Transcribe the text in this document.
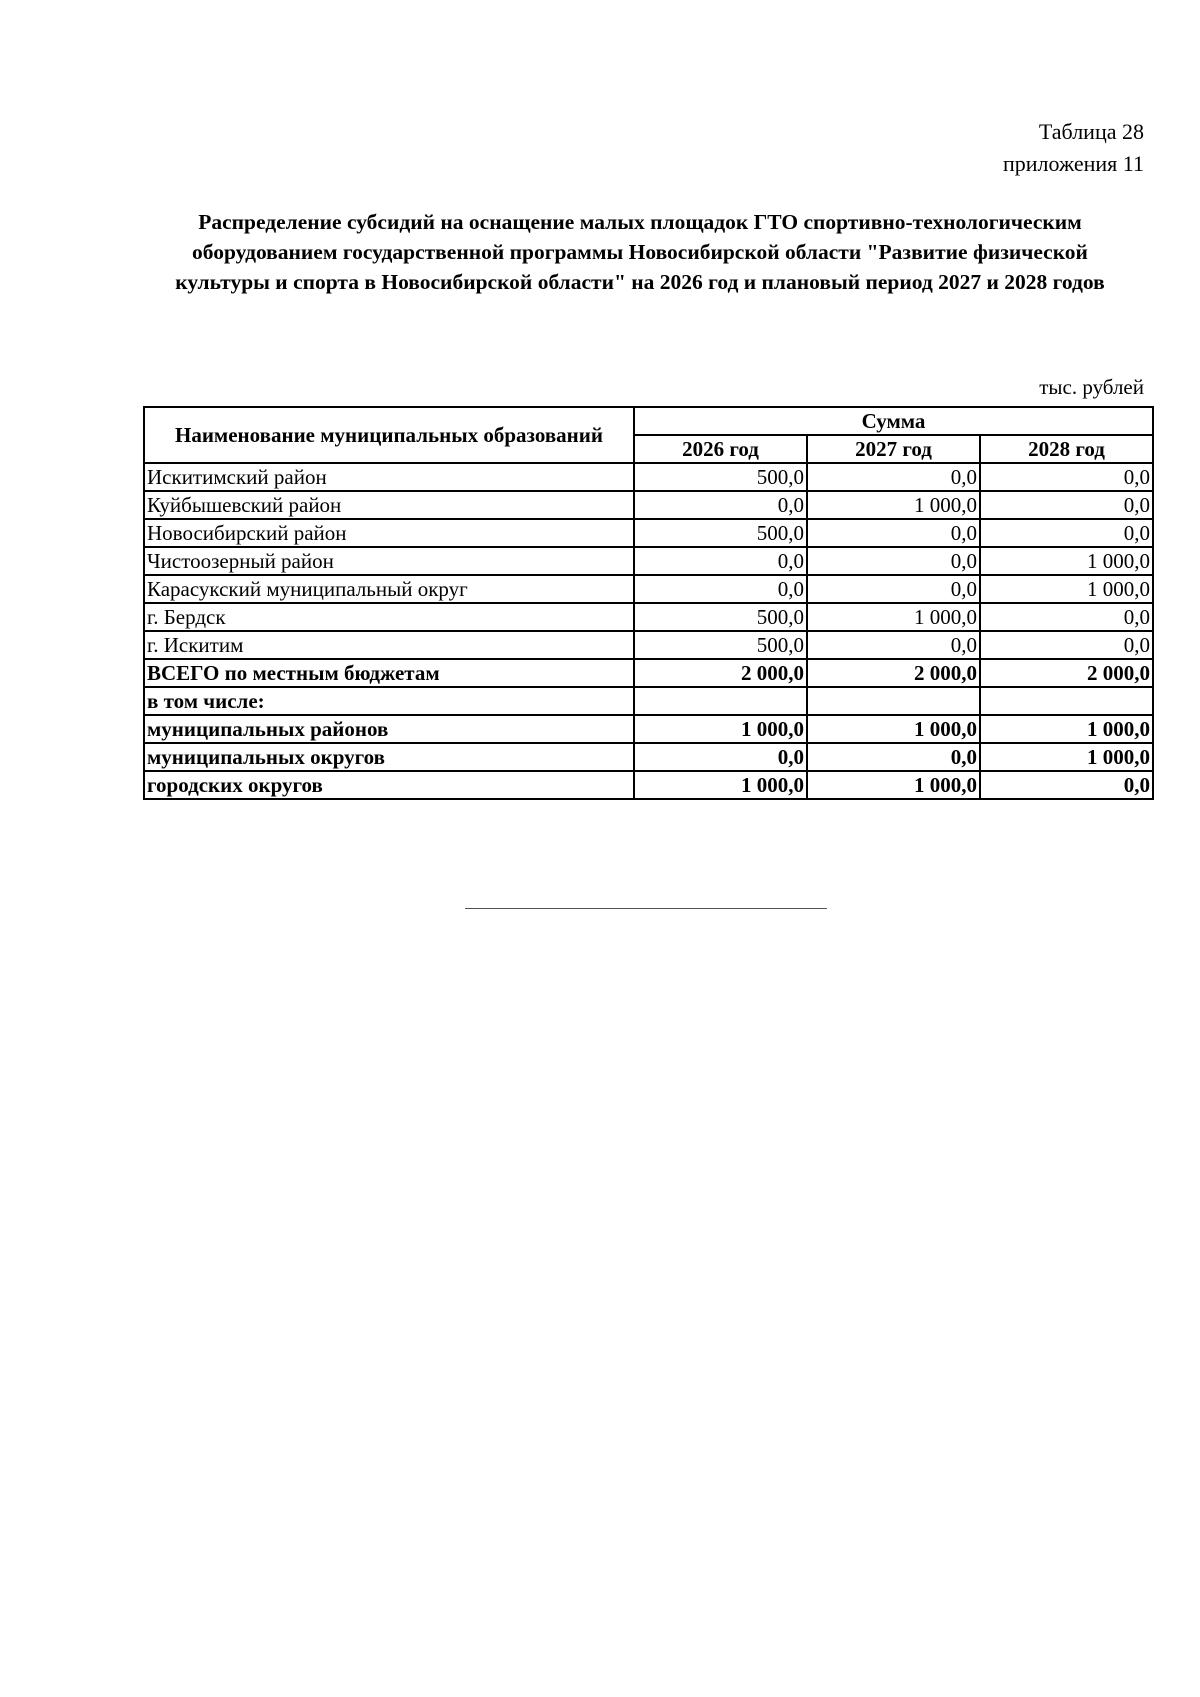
Таблица 28
приложения 11
Распределение субсидий на оснащение малых площадок ГТО спортивно-технологическим оборудованием государственной программы Новосибирской области "Развитие физической культуры и спорта в Новосибирской области" на 2026 год и плановый период 2027 и 2028 годов
тыс. рублей
Наименование муниципальных образований	Сумма		
	2026 год	2027 год	2028 год
Искитимский район	500,0	0,0	0,0
Куйбышевский район	0,0	1 000,0	0,0
Новосибирский район	500,0	0,0	0,0
Чистоозерный район	0,0	0,0	1 000,0
Карасукский муниципальный округ	0,0	0,0	1 000,0
г. Бердск	500,0	1 000,0	0,0
г. Искитим	500,0	0,0	0,0
ВСЕГО по местным бюджетам	2 000,0	2 000,0	2 000,0
в том числе:			
муниципальных районов	1 000,0	1 000,0	1 000,0
муниципальных округов	0,0	0,0	1 000,0
городских округов	1 000,0	1 000,0	0,0
